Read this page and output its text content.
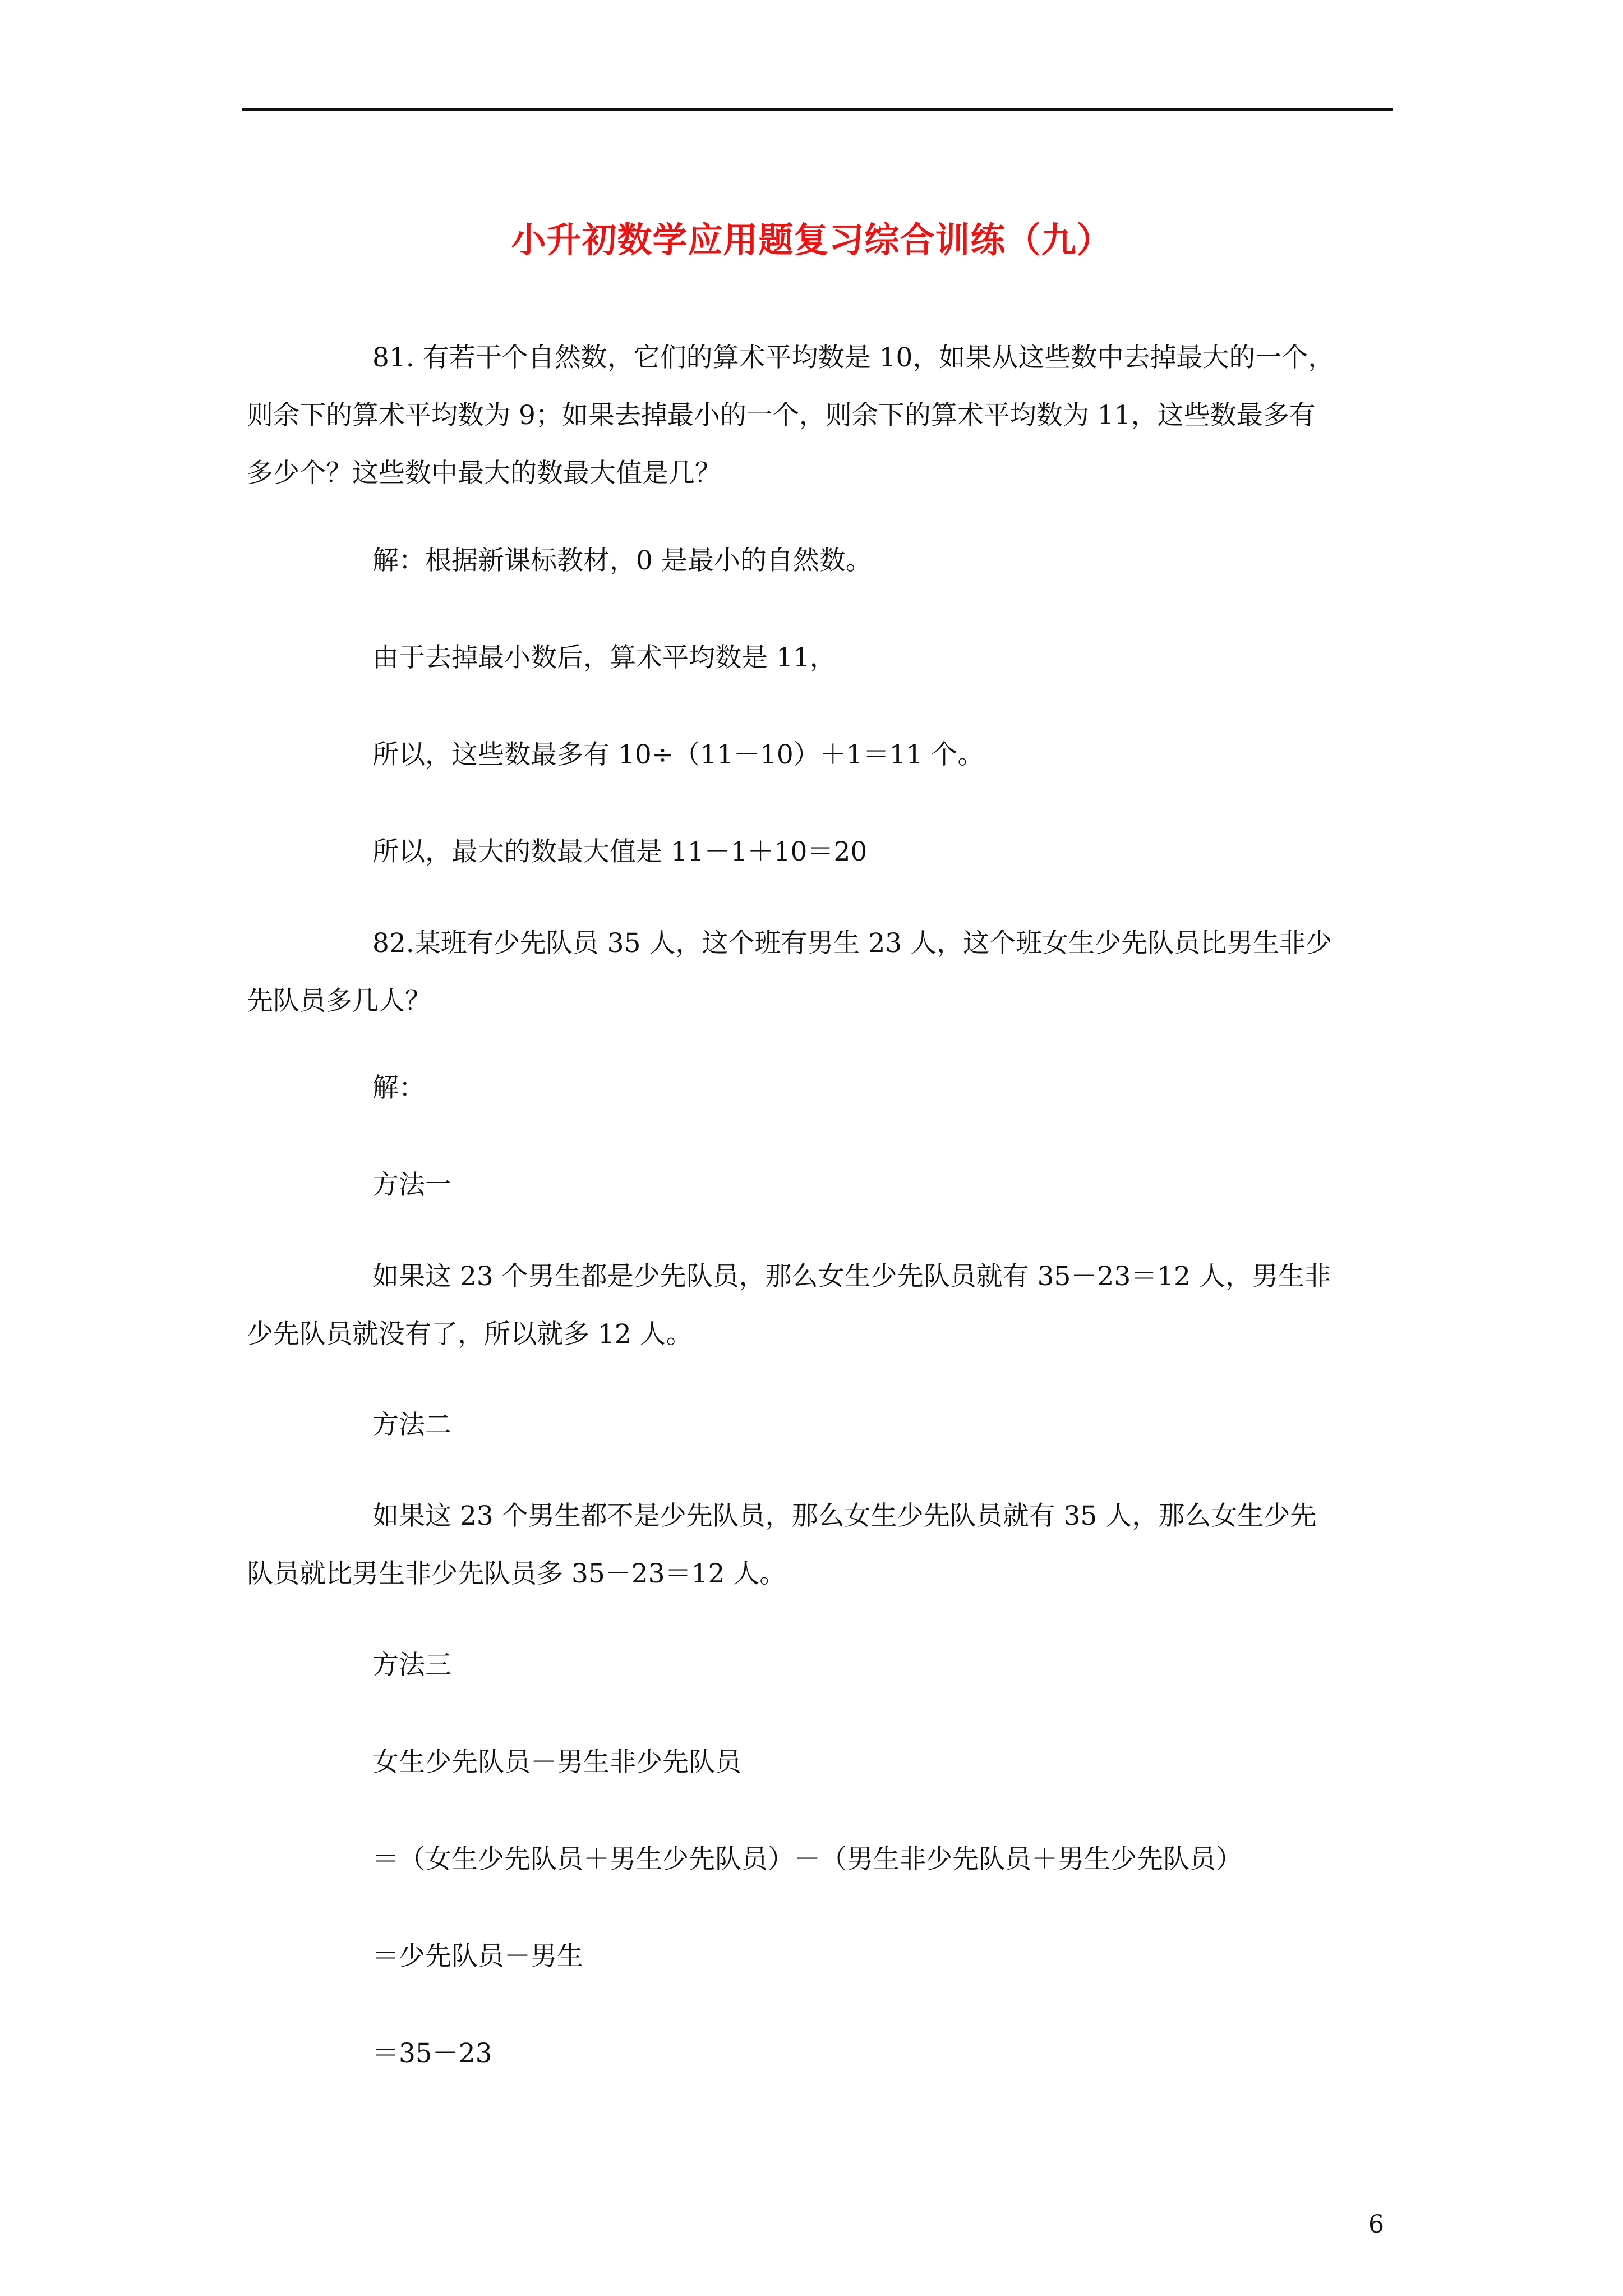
小升初数学应用题复习综合训练（九）
81. 有若干个自然数，它们的算术平均数是 10，如果从这些数中去掉最大的一个，
则余下的算术平均数为 9；如果去掉最小的一个，则余下的算术平均数为 11，这些数最多有
多少个？这些数中最大的数最大值是几？
解：根据新课标教材，0 是最小的自然数。
由于去掉最小数后，算术平均数是 11，
所以，这些数最多有 10÷（11－10）＋1＝11 个。
所以，最大的数最大值是 11－1＋10＝20
82.某班有少先队员 35 人，这个班有男生 23 人，这个班女生少先队员比男生非少
先队员多几人？
解：
方法一
如果这 23 个男生都是少先队员，那么女生少先队员就有 35－23＝12 人，男生非
少先队员就没有了，所以就多 12 人。
方法二
如果这 23 个男生都不是少先队员，那么女生少先队员就有 35 人，那么女生少先
队员就比男生非少先队员多 35－23＝12 人。
方法三
女生少先队员－男生非少先队员
＝（女生少先队员＋男生少先队员）－（男生非少先队员＋男生少先队员）
＝少先队员－男生
＝35－23
6
